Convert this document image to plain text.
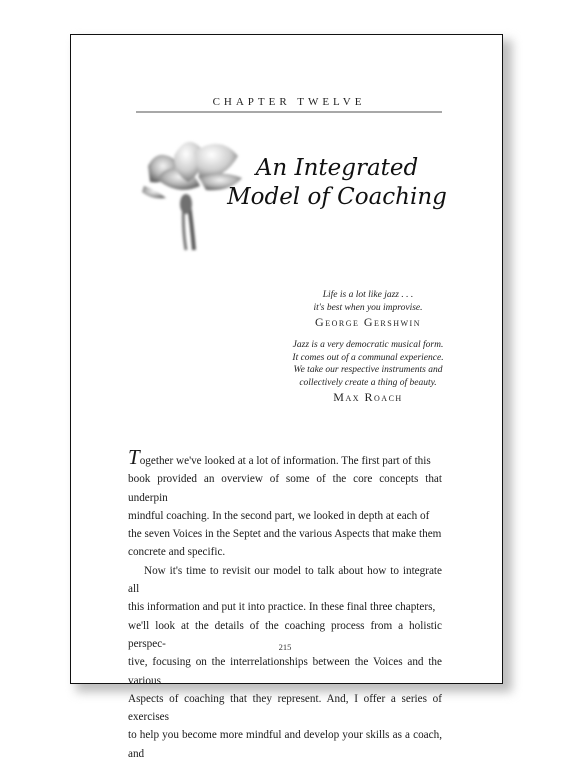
CHAPTER TWELVE
An Integrated
Model of Coaching
Life is a lot like jazz . . .
it's best when you improvise.
George Gershwin
Jazz is a very democratic musical form.
It comes out of a communal experience.
We take our respective instruments and
collectively create a thing of beauty.
Max Roach

Together we've looked at a lot of information. The first part of this
book provided an overview of some of the core concepts that underpin
mindful coaching. In the second part, we looked in depth at each of
the seven Voices in the Septet and the various Aspects that make them
concrete and specific.

Now it's time to revisit our model to talk about how to integrate all
this information and put it into practice. In these final three chapters,
we'll look at the details of the coaching process from a holistic perspec-
tive, focusing on the interrelationships between the Voices and the various
Aspects of coaching that they represent. And, I offer a series of exercises
to help you become more mindful and develop your skills as a coach, and

215
